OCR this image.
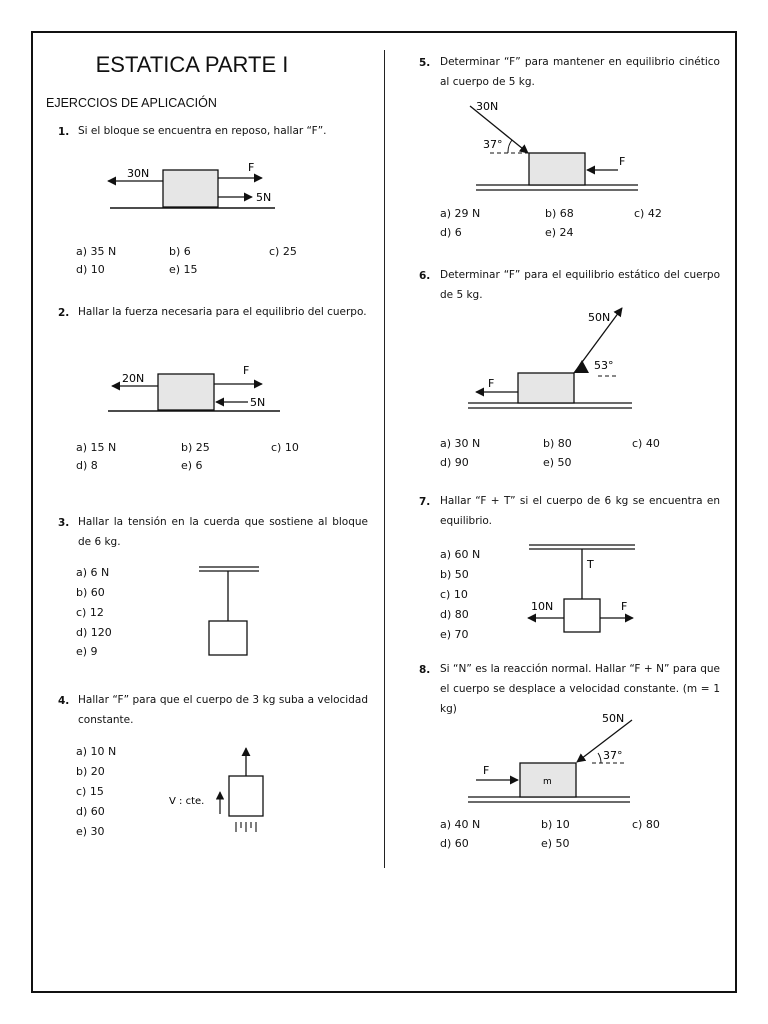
ESTATICA PARTE I
EJERCCIOS DE APLICACIÓN
1. Si el bloque se encuentra en reposo, hallar “F”.
30N	F
5N
a) 35 N	b) 6	c) 25
d) 10	e) 15
2. Hallar la fuerza necesaria para el equilibrio del cuerpo.
20N
F
5N
a) 15 N	b) 25	c) 10
d) 8	e) 6
3. Hallar la tensión en la cuerda que sostiene al bloque de 6 kg.
a) 6 N
b) 60
c) 12
d) 120
e) 9
4. Hallar “F” para que el cuerpo de 3 kg suba a velocidad constante.
a) 10 N
b) 20
c) 15
d) 60
e) 30
V : cte.
5. Determinar “F” para mantener en equilibrio cinético al cuerpo de 5 kg.
30N
37°
F
a) 29 N	b) 68	c) 42
d) 6	e) 24
6. Determinar “F” para el equilibrio estático del cuerpo de 5 kg.
50N
53°
F
a) 30 N	b) 80	c) 40
d) 90	e) 50
7. Hallar “F + T” si el cuerpo de 6 kg se encuentra en equilibrio.
a) 60 N
b) 50
c) 10
d) 80
e) 70
T
10N	F
8. Si “N” es la reacción normal. Hallar “F + N” para que el cuerpo se desplace a velocidad constante. (m = 1 kg)
m
50N
37°
F
a) 40 N	b) 10	c) 80
d) 60	e) 50
